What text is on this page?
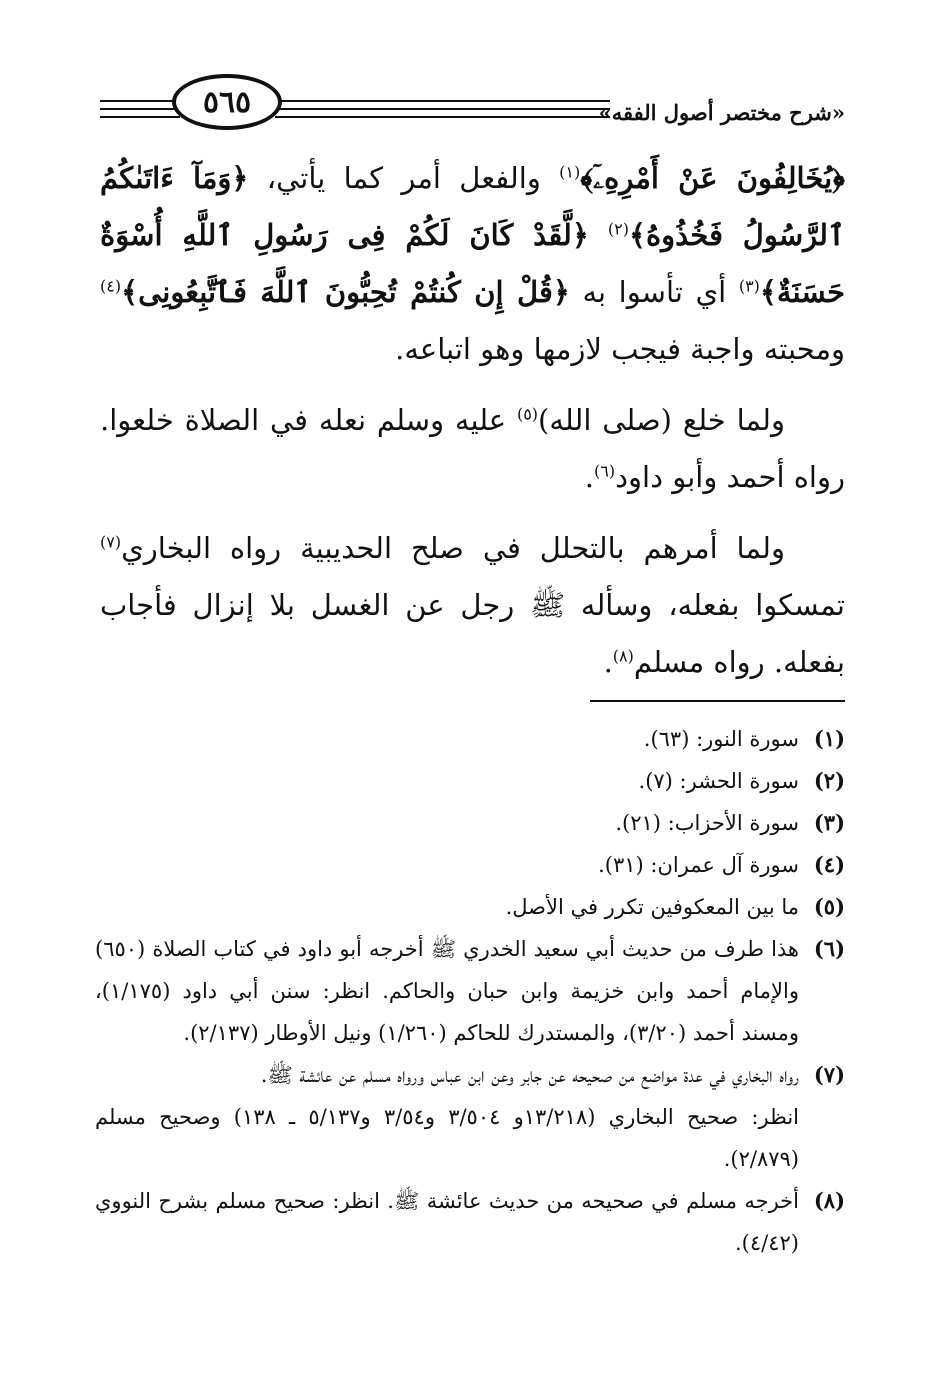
٥٦٥	«شرح مختصر أصول الفقه»

﴿يُخَالِفُونَ عَنْ أَمْرِهِۦٓ﴾$^{(١)}$ والفعل أمر كما يأتي، ﴿وَمَآ ءَاتَىٰكُمُ ٱلرَّسُولُ فَخُذُوهُ﴾$^{(٢)}$ ﴿لَّقَدْ كَانَ لَكُمْ فِى رَسُولِ ٱللَّهِ أُسْوَةٌ حَسَنَةٌ﴾$^{(٣)}$ أي تأسوا به ﴿قُلْ إِن كُنتُمْ تُحِبُّونَ ٱللَّهَ فَٱتَّبِعُونِى﴾$^{(٤)}$ ومحبته واجبة فيجب لازمها وهو اتباعه.

ولما خلع (صلى الله)$^{(٥)}$ عليه وسلم نعله في الصلاة خلعوا. رواه أحمد وأبو داود$^{(٦)}$.

ولما أمرهم بالتحلل في صلح الحديبية رواه البخاري$^{(٧)}$ تمسكوا بفعله، وسأله ﷺ رجل عن الغسل بلا إنزال فأجاب بفعله. رواه مسلم$^{(٨)}$.

(١)
سورة النور: (٦٣).
(٢)
سورة الحشر: (٧).
(٣)
سورة الأحزاب: (٢١).
(٤)
سورة آل عمران: (٣١).
(٥)
ما بين المعكوفين تكرر في الأصل.
(٦)
هذا طرف من حديث أبي سعيد الخدري ﷺ أخرجه أبو داود في كتاب الصلاة (٦٥٠) والإمام أحمد وابن خزيمة وابن حبان والحاكم. انظر: سنن أبي داود (١/١٧٥)، ومسند أحمد (٣/٢٠)، والمستدرك للحاكم (١/٢٦٠) ونيل الأوطار (٢/١٣٧).
(٧)
رواه البخاري في عدة مواضع من صحيحه عن جابر وعن ابن عباس ورواه مسلم عن عائشة ﷺ.
انظر: صحيح البخاري (١٣/٢١٨و ٣/٥٠٤ و٣/٥٤ و٥/١٣٧ ـ ١٣٨) وصحيح مسلم (٢/٨٧٩).
(٨)
أخرجه مسلم في صحيحه من حديث عائشة ﷺ. انظر: صحيح مسلم بشرح النووي (٤/٤٢).
